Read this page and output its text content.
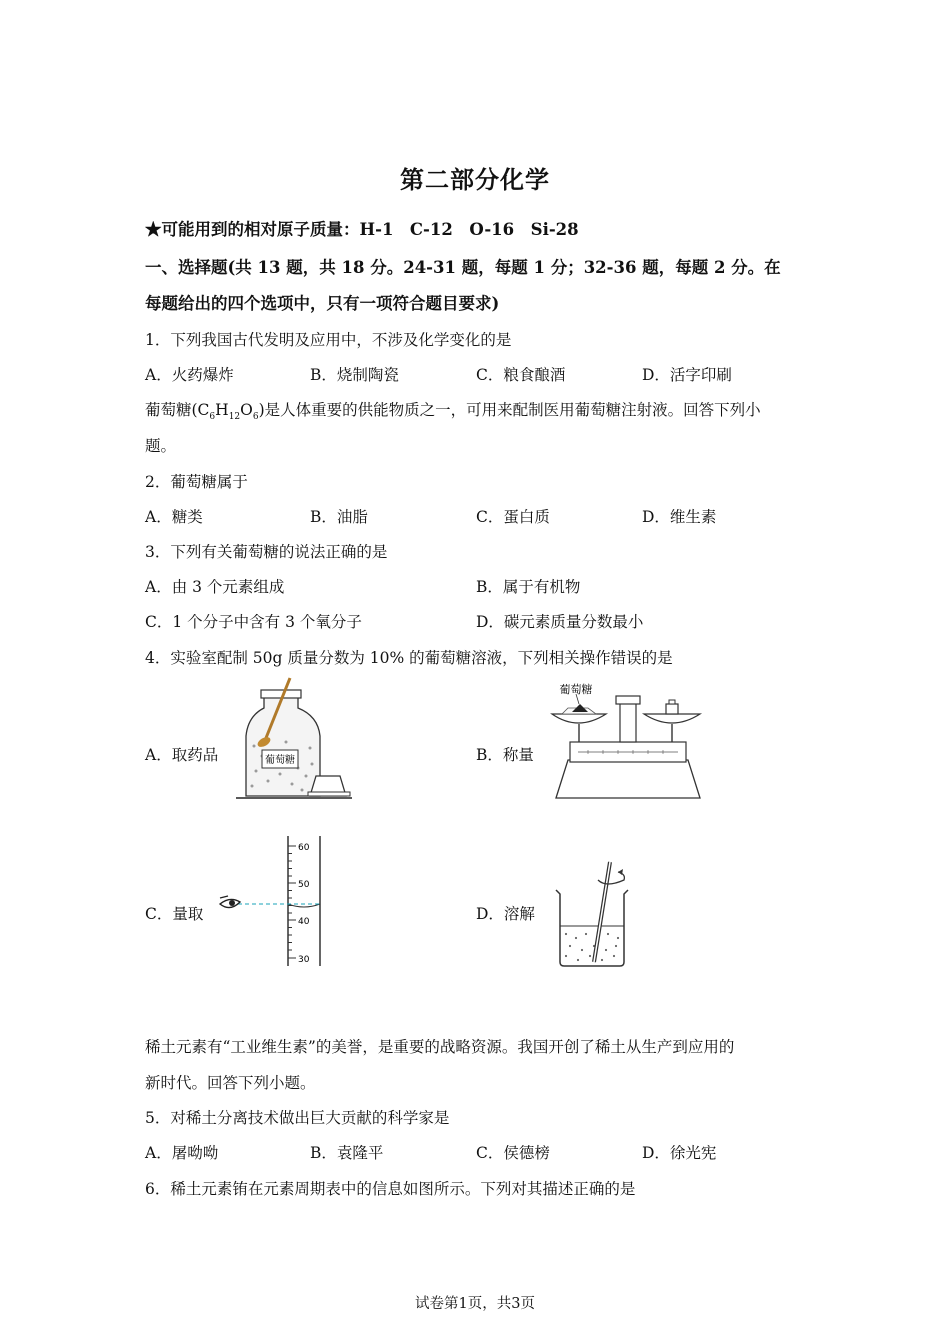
第二部分化学
★可能用到的相对原子质量：H-1　C-12　O-16　Si-28
一、选择题(共 13 题，共 18 分。24-31 题，每题 1 分；32-36 题，每题 2 分。在
每题给出的四个选项中，只有一项符合题目要求)
1．下列我国古代发明及应用中，不涉及化学变化的是
A．火药爆炸	B．烧制陶瓷	C．粮食酿酒	D．活字印刷
葡萄糖$(C_6H_{12}O_6)$是人体重要的供能物质之一，可用来配制医用葡萄糖注射液。回答下列小
题。
2．葡萄糖属于
A．糖类	B．油脂	C．蛋白质	D．维生素
3．下列有关葡萄糖的说法正确的是
A．由 3 个元素组成	B．属于有机物
C．1 个分子中含有 3 个氧分子	D．碳元素质量分数最小
4．实验室配制 50g 质量分数为 10% 的葡萄糖溶液，下列相关操作错误的是
A．取药品	B．称量
C．量取	D．溶解
葡萄糖
葡萄糖
60
50
40
30
稀土元素有“工业维生素”的美誉，是重要的战略资源。我国开创了稀土从生产到应用的
新时代。回答下列小题。
5．对稀土分离技术做出巨大贡献的科学家是
A．屠呦呦	B．袁隆平	C．侯德榜	D．徐光宪
6．稀土元素铕在元素周期表中的信息如图所示。下列对其描述正确的是
试卷第1页，共3页
